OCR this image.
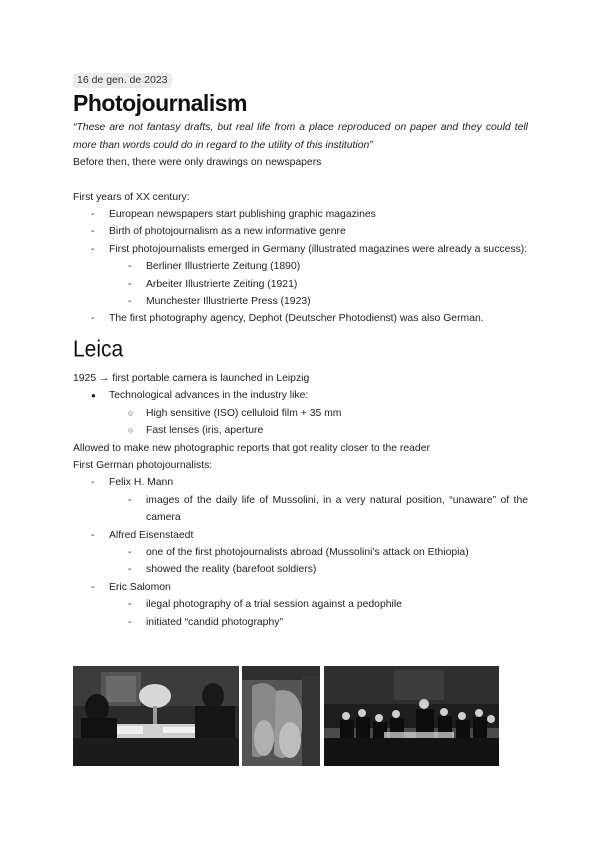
16 de gen. de 2023
Photojournalism

“These are not fantasy drafts, but real life from a place reproduced on paper and they could tell more than words could do in regard to the utility of this institution”

Before then, there were only drawings on newspapers

First years of XX century:

- European newspapers start publishing graphic magazines
- Birth of photojournalism as a new informative genre
- First photojournalists emerged in Germany (illustrated magazines were already a success):
- Berliner Illustrierte Zeitung (1890)
- Arbeiter Illustrierte Zeiting (1921)
- Munchester Illustrierte Press (1923)
- The first photography agency, Dephot (Deutscher Photodienst) was also German.
Leica

1925 → first portable camera is launched in Leipzig

● Technological advances in the industry like:
○ High sensitive (ISO) celluloid film + 35 mm
○ Fast lenses (iris, aperture

Allowed to make new photographic reports that got reality closer to the reader

First German photojournalists:

- Felix H. Mann
- images of the daily life of Mussolini, in a very natural position, “unaware” of the camera
- Alfred Eisenstaedt
- one of the first photojournalists abroad (Mussolini’s attack on Ethiopia)
- showed the reality (barefoot soldiers)
- Eric Salomon
- ilegal photography of a trial session against a pedophile
- initiated “candid photography”
